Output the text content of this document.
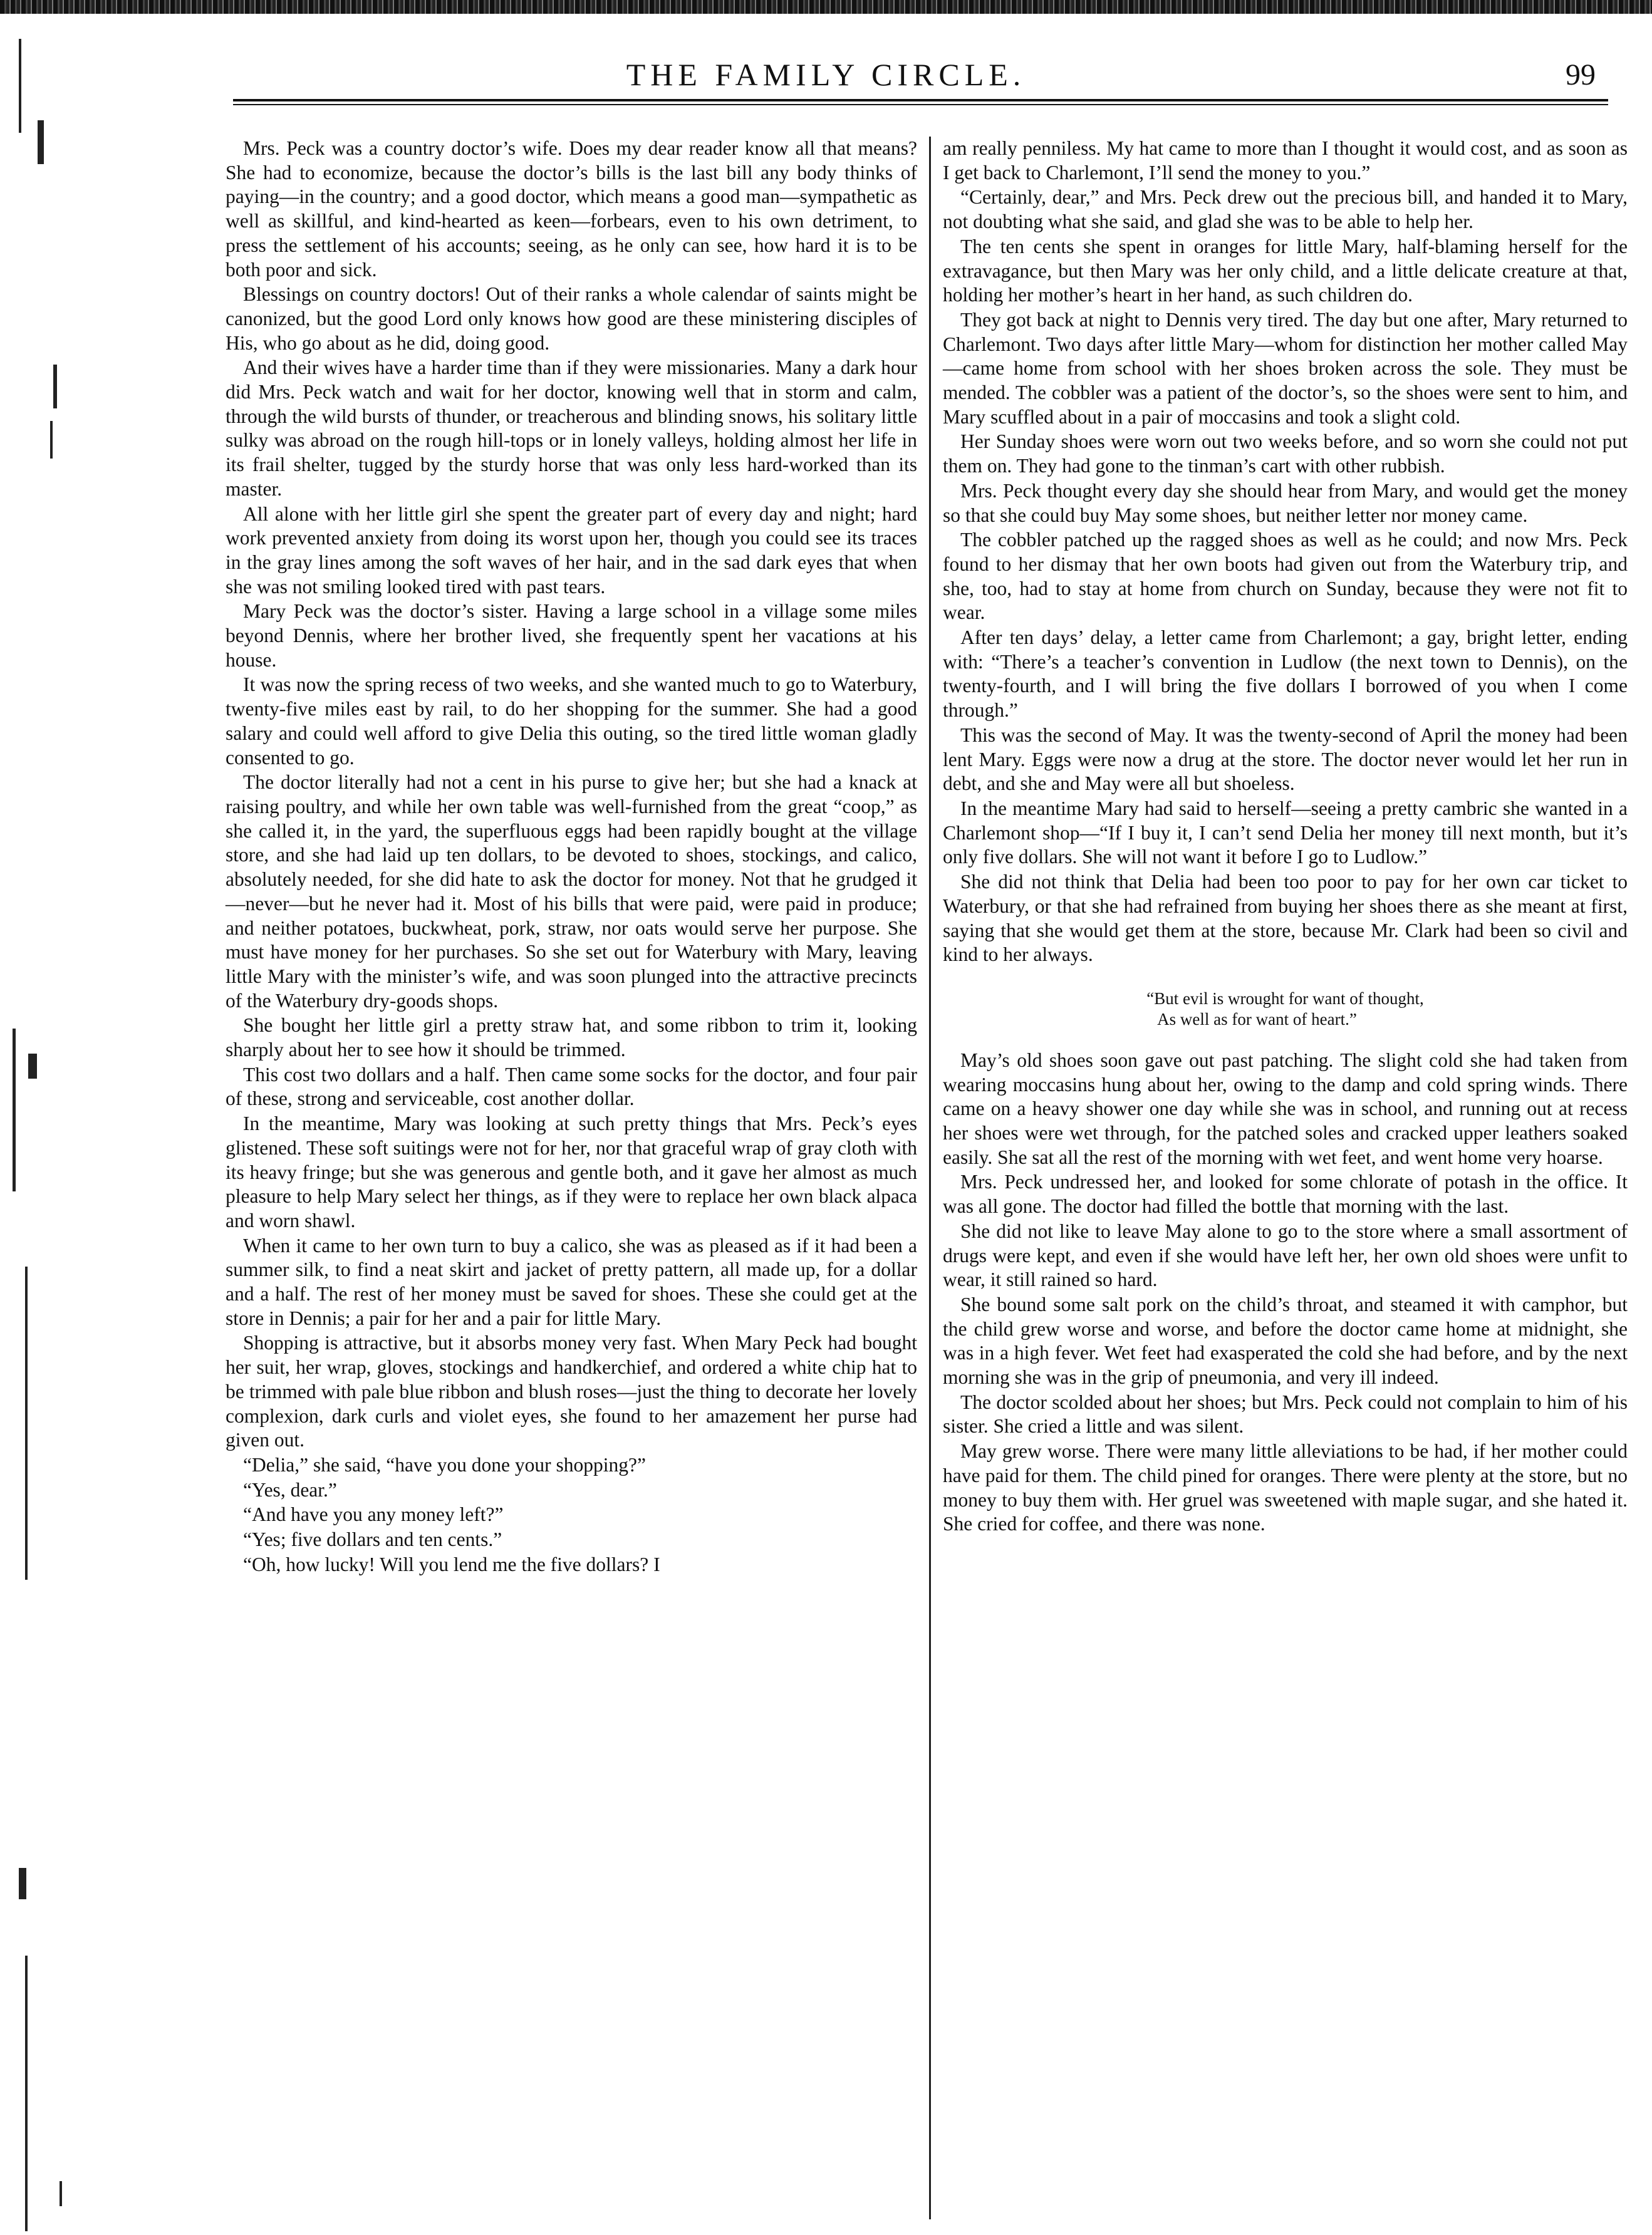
THE FAMILY CIRCLE.	99

Mrs. Peck was a country doctor’s wife. Does my dear reader know all that means? She had to economize, because the doctor’s bills is the last bill any body thinks of paying—in the country; and a good doctor, which means a good man—sympathetic as well as skillful, and kind-hearted as keen—forbears, even to his own detriment, to press the settlement of his accounts; seeing, as he only can see, how hard it is to be both poor and sick.

Blessings on country doctors! Out of their ranks a whole calendar of saints might be canonized, but the good Lord only knows how good are these ministering disciples of His, who go about as he did, doing good.

And their wives have a harder time than if they were missionaries. Many a dark hour did Mrs. Peck watch and wait for her doctor, knowing well that in storm and calm, through the wild bursts of thunder, or treacherous and blinding snows, his solitary little sulky was abroad on the rough hill-tops or in lonely valleys, holding almost her life in its frail shelter, tugged by the sturdy horse that was only less hard-worked than its master.

All alone with her little girl she spent the greater part of every day and night; hard work prevented anxiety from doing its worst upon her, though you could see its traces in the gray lines among the soft waves of her hair, and in the sad dark eyes that when she was not smiling looked tired with past tears.

Mary Peck was the doctor’s sister. Having a large school in a village some miles beyond Dennis, where her brother lived, she frequently spent her vacations at his house.

It was now the spring recess of two weeks, and she wanted much to go to Waterbury, twenty-five miles east by rail, to do her shopping for the summer. She had a good salary and could well afford to give Delia this outing, so the tired little woman gladly consented to go.

The doctor literally had not a cent in his purse to give her; but she had a knack at raising poultry, and while her own table was well-furnished from the great “coop,” as she called it, in the yard, the superfluous eggs had been rapidly bought at the village store, and she had laid up ten dollars, to be devoted to shoes, stockings, and calico, absolutely needed, for she did hate to ask the doctor for money. Not that he grudged it—never—but he never had it. Most of his bills that were paid, were paid in produce; and neither potatoes, buckwheat, pork, straw, nor oats would serve her purpose. She must have money for her purchases. So she set out for Waterbury with Mary, leaving little Mary with the minister’s wife, and was soon plunged into the attractive precincts of the Waterbury dry-goods shops.

She bought her little girl a pretty straw hat, and some ribbon to trim it, looking sharply about her to see how it should be trimmed.

This cost two dollars and a half. Then came some socks for the doctor, and four pair of these, strong and serviceable, cost another dollar.

In the meantime, Mary was looking at such pretty things that Mrs. Peck’s eyes glistened. These soft suitings were not for her, nor that graceful wrap of gray cloth with its heavy fringe; but she was generous and gentle both, and it gave her almost as much pleasure to help Mary select her things, as if they were to replace her own black alpaca and worn shawl.

When it came to her own turn to buy a calico, she was as pleased as if it had been a summer silk, to find a neat skirt and jacket of pretty pattern, all made up, for a dollar and a half. The rest of her money must be saved for shoes. These she could get at the store in Dennis; a pair for her and a pair for little Mary.

Shopping is attractive, but it absorbs money very fast. When Mary Peck had bought her suit, her wrap, gloves, stockings and handkerchief, and ordered a white chip hat to be trimmed with pale blue ribbon and blush roses—just the thing to decorate her lovely complexion, dark curls and violet eyes, she found to her amazement her purse had given out.

“Delia,” she said, “have you done your shopping?”

“Yes, dear.”

“And have you any money left?”

“Yes; five dollars and ten cents.”

“Oh, how lucky! Will you lend me the five dollars? I

am really penniless. My hat came to more than I thought it would cost, and as soon as I get back to Charlemont, I’ll send the money to you.”

“Certainly, dear,” and Mrs. Peck drew out the precious bill, and handed it to Mary, not doubting what she said, and glad she was to be able to help her.

The ten cents she spent in oranges for little Mary, half-blaming herself for the extravagance, but then Mary was her only child, and a little delicate creature at that, holding her mother’s heart in her hand, as such children do.

They got back at night to Dennis very tired. The day but one after, Mary returned to Charlemont. Two days after little Mary—whom for distinction her mother called May—came home from school with her shoes broken across the sole. They must be mended. The cobbler was a patient of the doctor’s, so the shoes were sent to him, and Mary scuffled about in a pair of moccasins and took a slight cold.

Her Sunday shoes were worn out two weeks before, and so worn she could not put them on. They had gone to the tinman’s cart with other rubbish.

Mrs. Peck thought every day she should hear from Mary, and would get the money so that she could buy May some shoes, but neither letter nor money came.

The cobbler patched up the ragged shoes as well as he could; and now Mrs. Peck found to her dismay that her own boots had given out from the Waterbury trip, and she, too, had to stay at home from church on Sunday, because they were not fit to wear.

After ten days’ delay, a letter came from Charlemont; a gay, bright letter, ending with: “There’s a teacher’s convention in Ludlow (the next town to Dennis), on the twenty-fourth, and I will bring the five dollars I borrowed of you when I come through.”

This was the second of May. It was the twenty-second of April the money had been lent Mary. Eggs were now a drug at the store. The doctor never would let her run in debt, and she and May were all but shoeless.

In the meantime Mary had said to herself—seeing a pretty cambric she wanted in a Charlemont shop—“If I buy it, I can’t send Delia her money till next month, but it’s only five dollars. She will not want it before I go to Ludlow.”

She did not think that Delia had been too poor to pay for her own car ticket to Waterbury, or that she had refrained from buying her shoes there as she meant at first, saying that she would get them at the store, because Mr. Clark had been so civil and kind to her always.

“But evil is wrought for want of thought,

As well as for want of heart.”

May’s old shoes soon gave out past patching. The slight cold she had taken from wearing moccasins hung about her, owing to the damp and cold spring winds. There came on a heavy shower one day while she was in school, and running out at recess her shoes were wet through, for the patched soles and cracked upper leathers soaked easily. She sat all the rest of the morning with wet feet, and went home very hoarse.

Mrs. Peck undressed her, and looked for some chlorate of potash in the office. It was all gone. The doctor had filled the bottle that morning with the last.

She did not like to leave May alone to go to the store where a small assortment of drugs were kept, and even if she would have left her, her own old shoes were unfit to wear, it still rained so hard.

She bound some salt pork on the child’s throat, and steamed it with camphor, but the child grew worse and worse, and before the doctor came home at midnight, she was in a high fever. Wet feet had exasperated the cold she had before, and by the next morning she was in the grip of pneumonia, and very ill indeed.

The doctor scolded about her shoes; but Mrs. Peck could not complain to him of his sister. She cried a little and was silent.

May grew worse. There were many little alleviations to be had, if her mother could have paid for them. The child pined for oranges. There were plenty at the store, but no money to buy them with. Her gruel was sweetened with maple sugar, and she hated it. She cried for coffee, and there was none.
